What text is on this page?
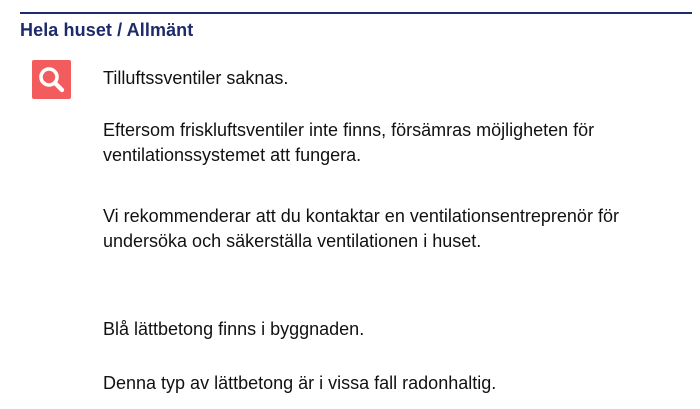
Hela huset / Allmänt
Tilluftssventiler saknas.
Eftersom friskluftsventiler inte finns, försämras möjligheten för
ventilationssystemet att fungera.
Vi rekommenderar att du kontaktar en ventilationsentreprenör för
undersöka och säkerställa ventilationen i huset.
Blå lättbetong finns i byggnaden.
Denna typ av lättbetong är i vissa fall radonhaltig.
